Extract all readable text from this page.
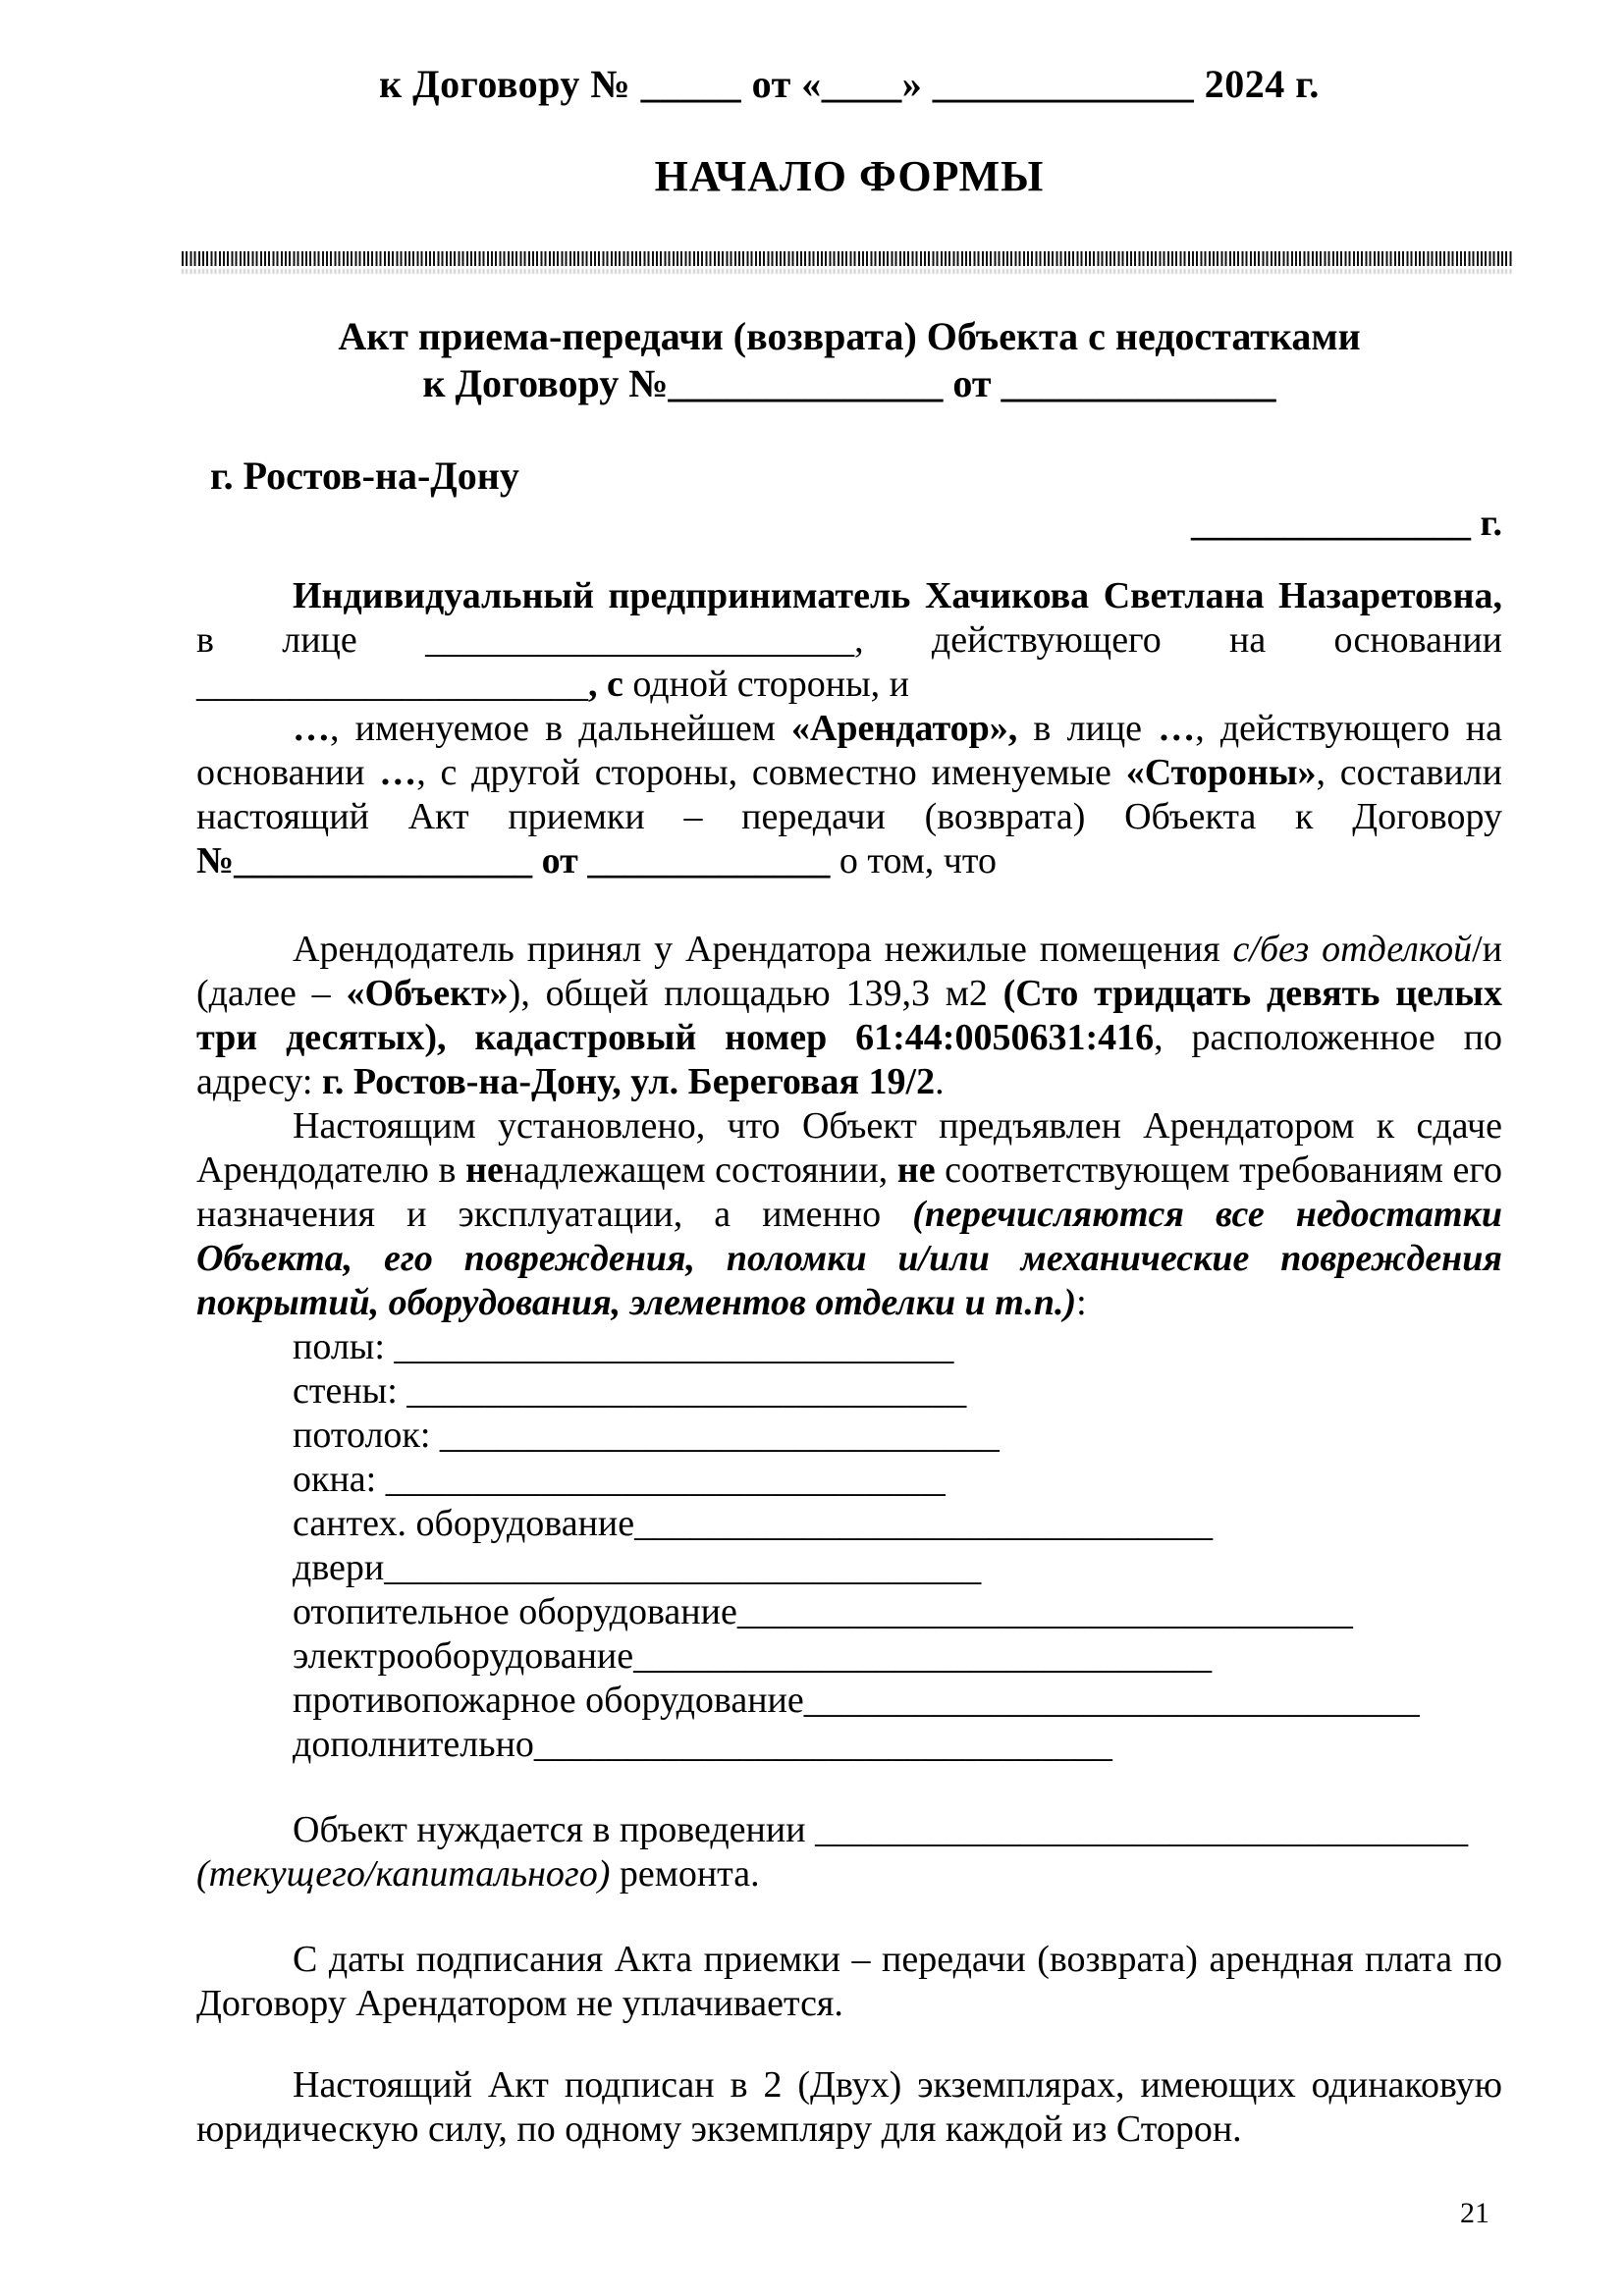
к Договору № _____ от «____» _____________ 2024 г.

НАЧАЛО ФОРМЫ

Акт приема-передачи (возврата) Объекта с недостатками

к Договору №______________ от ______________

г. Ростов-на-Дону

_______________ г.

Индивидуальный предприниматель Хачикова Светлана Назаретовна, в лице _______________________, действующего на основании _____________________, с одной стороны, и

…, именуемое в дальнейшем «Арендатор», в лице …, действующего на основании …, с другой стороны, совместно именуемые «Стороны», составили настоящий Акт приемки – передачи (возврата) Объекта к Договору №________________ от _____________ о том, что

Арендодатель принял у Арендатора нежилые помещения с/без отделкой/и (далее – «Объект»), общей площадью 139,3 м2 (Сто тридцать девять целых три десятых), кадастровый номер 61:44:0050631:416, расположенное по адресу: г. Ростов-на-Дону, ул. Береговая 19/2.

Настоящим установлено, что Объект предъявлен Арендатором к сдаче Арендодателю в ненадлежащем состоянии, не соответствующем требованиям его назначения и эксплуатации, а именно (перечисляются все недостатки Объекта, его повреждения, поломки и/или механические повреждения покрытий, оборудования, элементов отделки и т.п.):

полы: ______________________________

стены: ______________________________

потолок: ______________________________

окна: ______________________________

сантех. оборудование_______________________________

двери________________________________

отопительное оборудование_________________________________

электрооборудование_______________________________

противопожарное оборудование_________________________________

дополнительно_______________________________

Объект нуждается в проведении ___________________________________
(текущего/капитального) ремонта.

С даты подписания Акта приемки – передачи (возврата) арендная плата по Договору Арендатором не уплачивается.

Настоящий Акт подписан в 2 (Двух) экземплярах, имеющих одинаковую юридическую силу, по одному экземпляру для каждой из Сторон.

21
